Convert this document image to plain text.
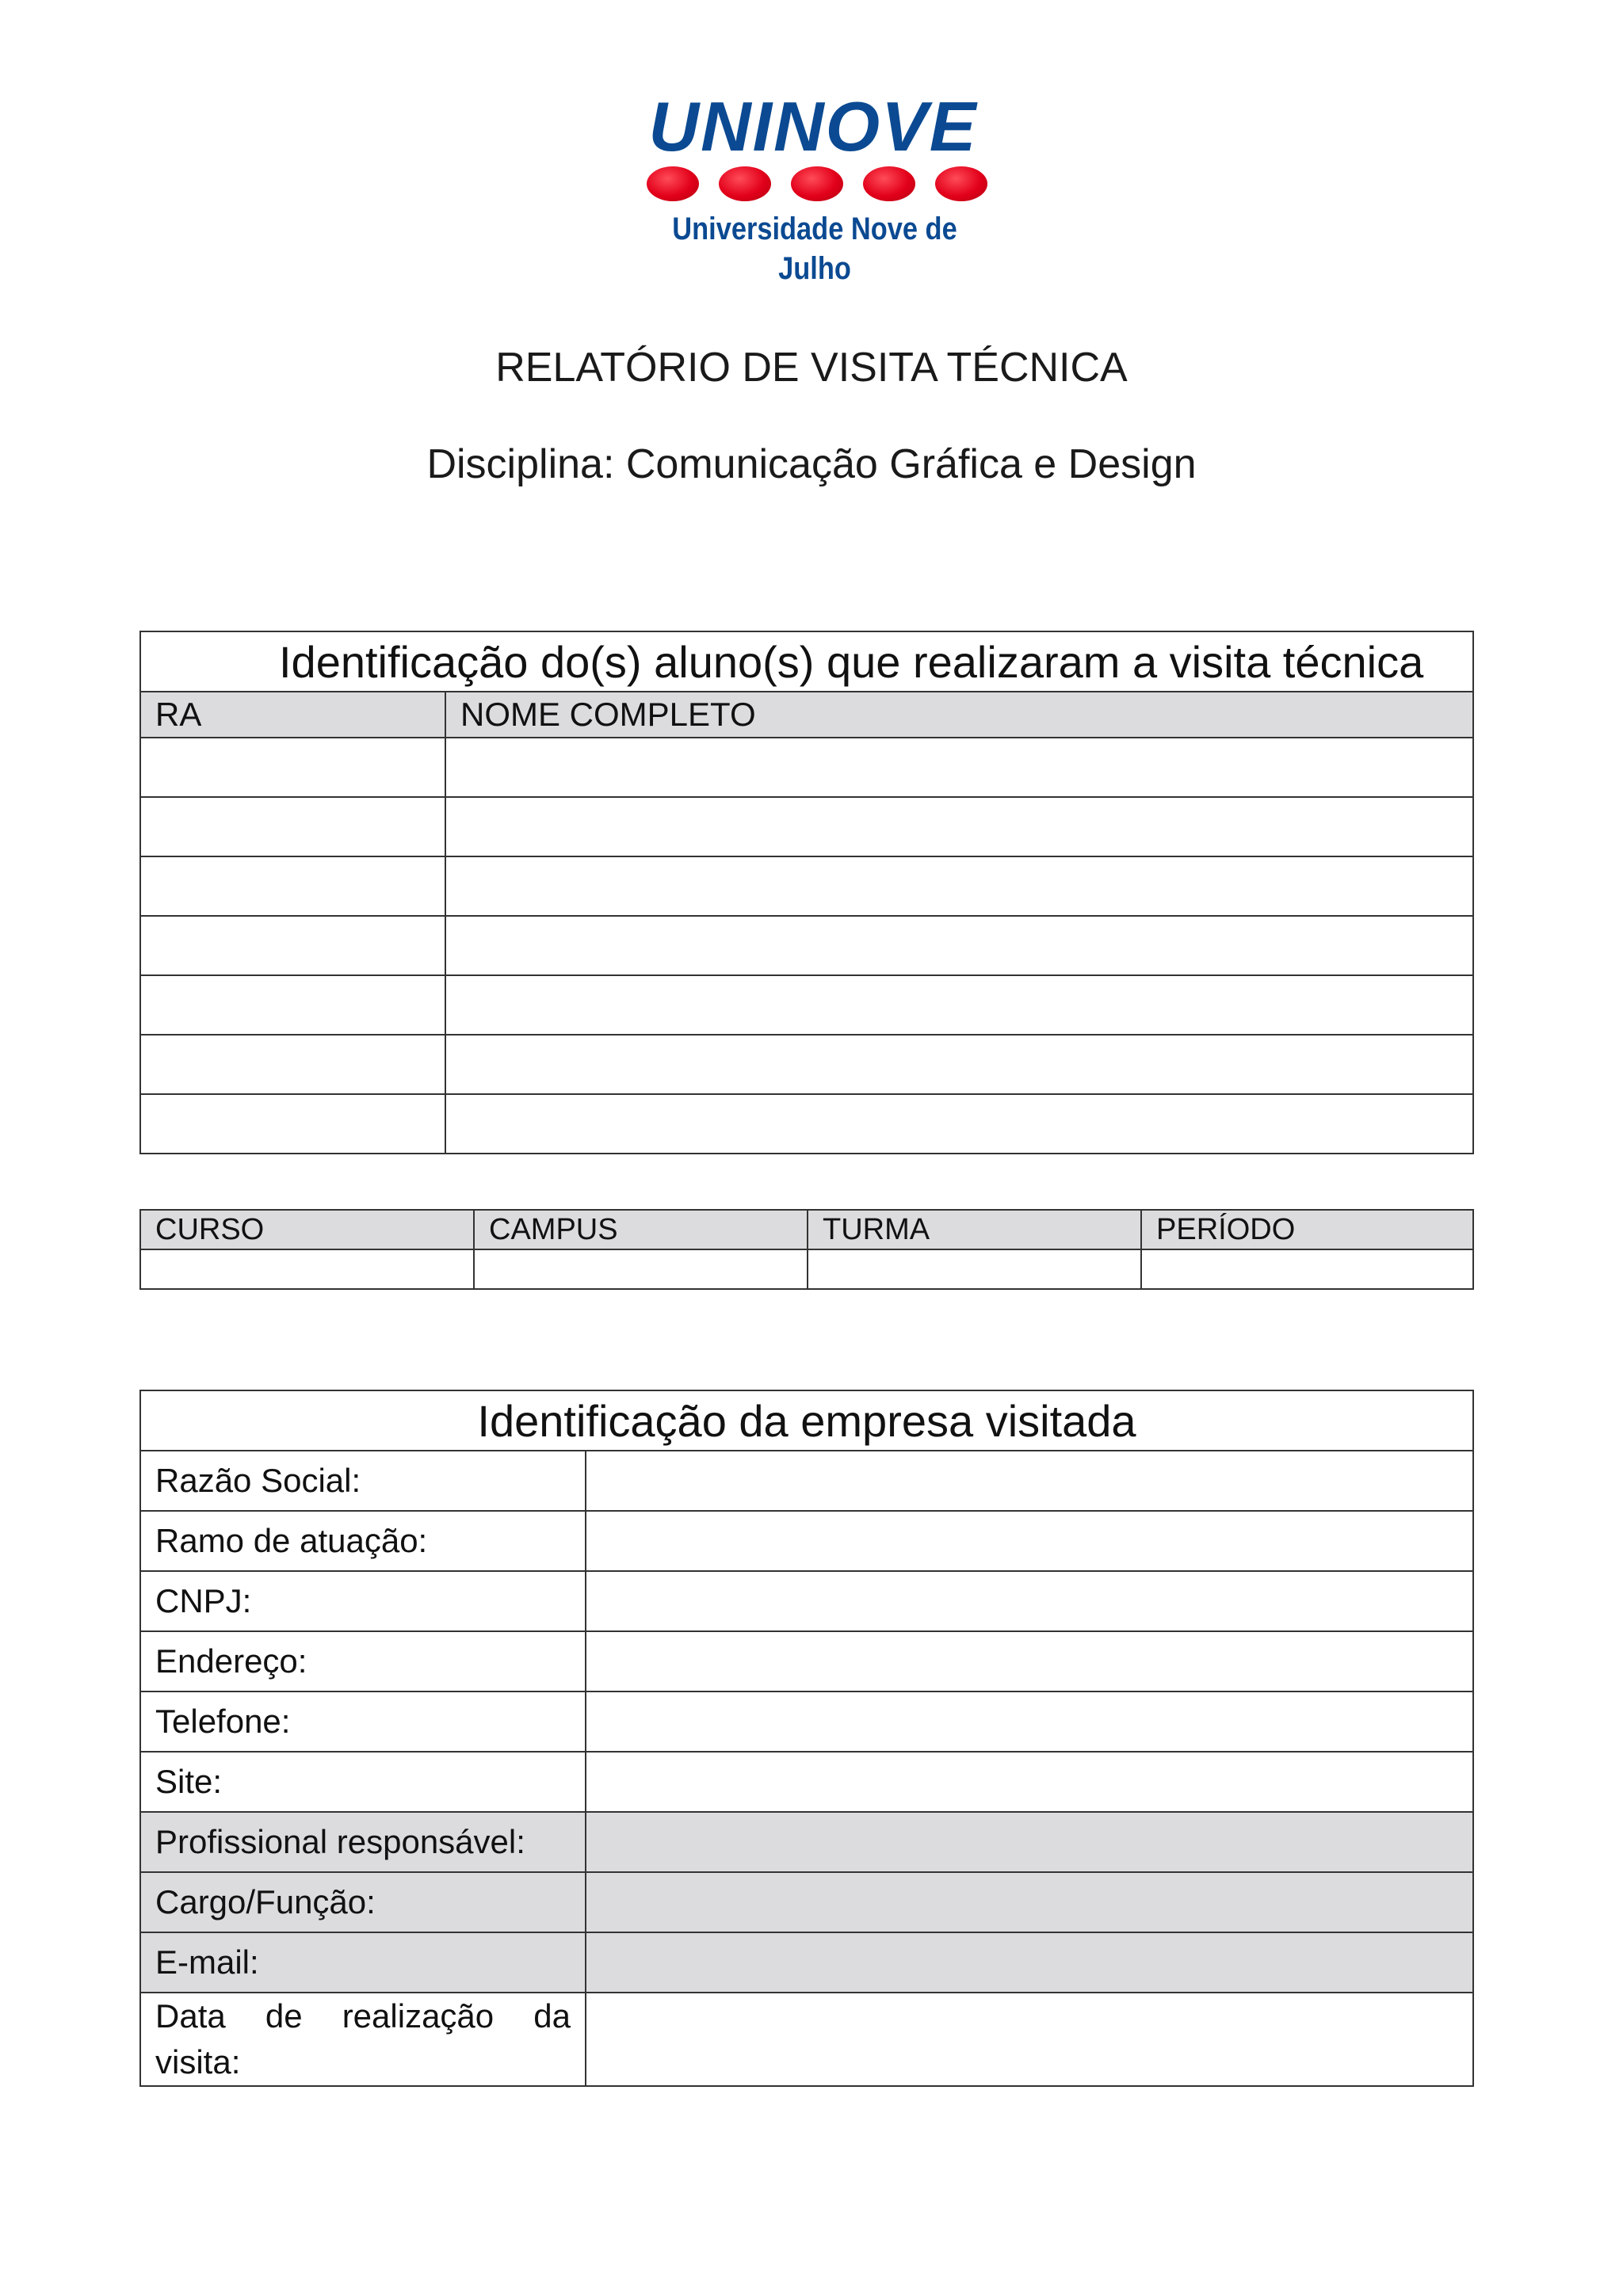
UNINOVE
Universidade Nove de Julho
RELATÓRIO DE VISITA TÉCNICA
Disciplina: Comunicação Gráfica e Design
Identificação do(s) aluno(s) que realizaram a visita técnica	
RA	NOME COMPLETO

CURSO	CAMPUS	TURMA	PERÍODO

Identificação da empresa visitada	
Razão Social:	
Ramo de atuação:	
CNPJ:	
Endereço:	
Telefone:	
Site:	
Profissional responsável:	
Cargo/Função:	
E-mail:	
Data de realização da visita:	
